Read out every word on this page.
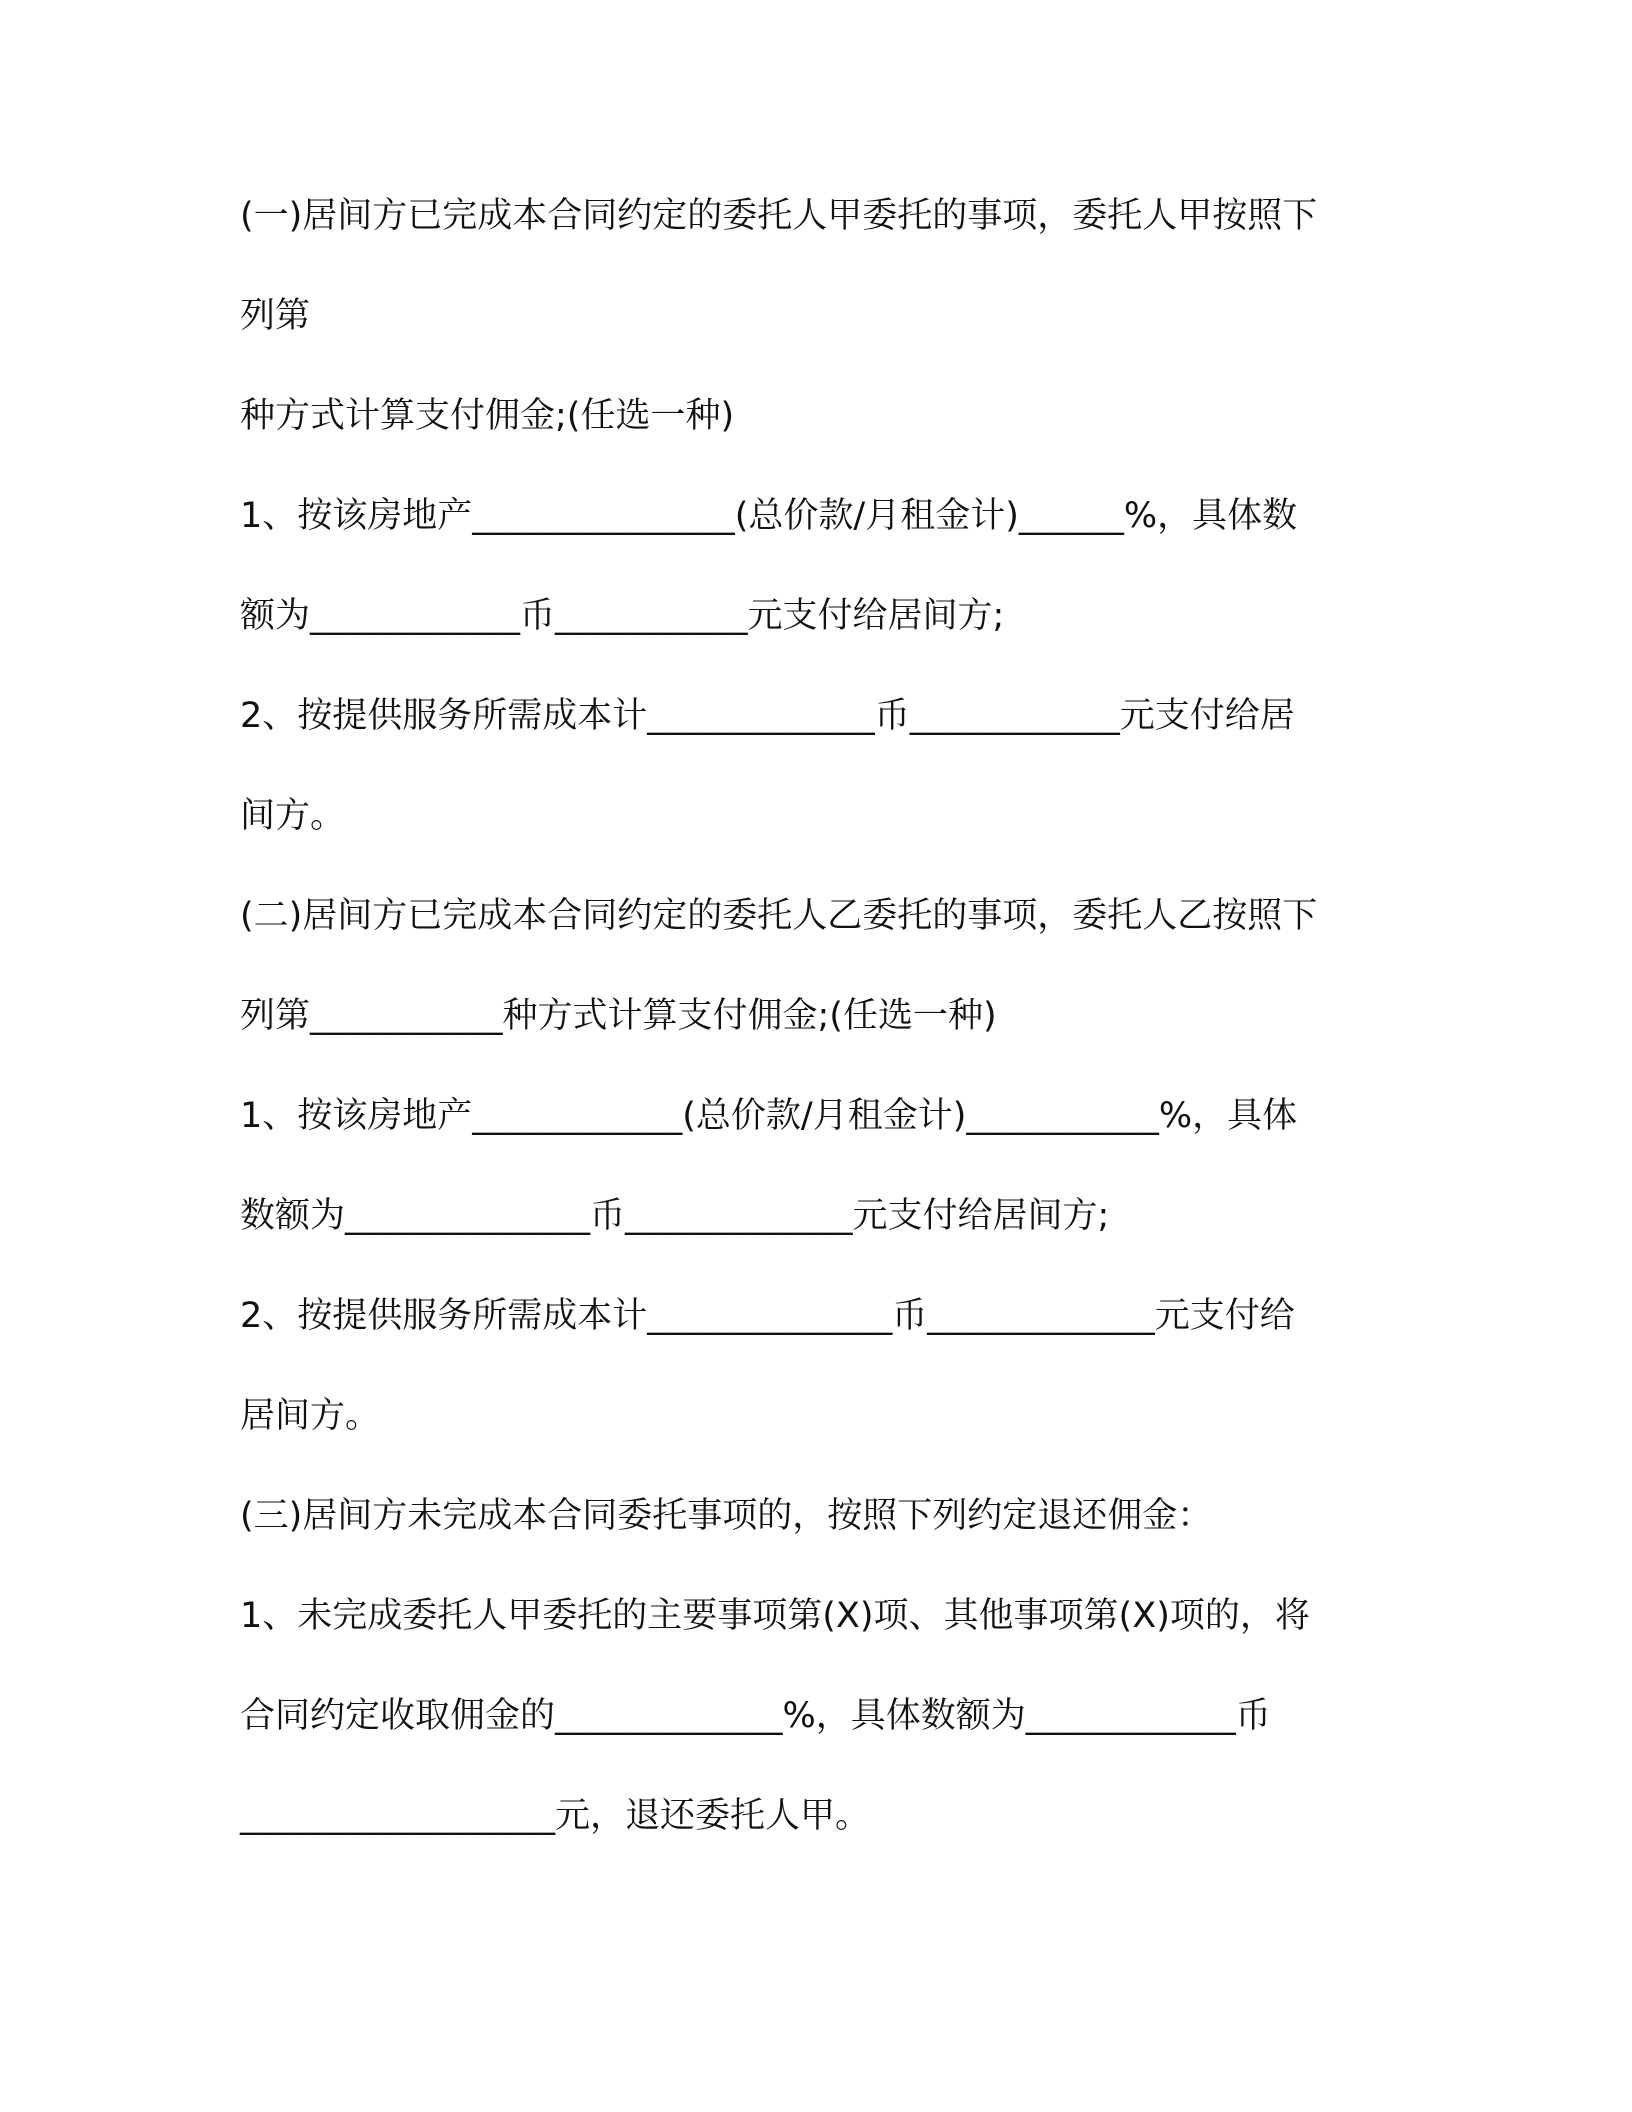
(一)居间方已完成本合同约定的委托人甲委托的事项，委托人甲按照下

列第

种方式计算支付佣金;(任选一种)

1、按该房地产_______________(总价款/月租金计)______%，具体数

额为____________币___________元支付给居间方;

2、按提供服务所需成本计_____________币____________元支付给居

间方。

(二)居间方已完成本合同约定的委托人乙委托的事项，委托人乙按照下

列第___________种方式计算支付佣金;(任选一种)

1、按该房地产____________(总价款/月租金计)___________%，具体

数额为______________币_____________元支付给居间方;

2、按提供服务所需成本计______________币_____________元支付给

居间方。

(三)居间方未完成本合同委托事项的，按照下列约定退还佣金：

1、未完成委托人甲委托的主要事项第(X)项、其他事项第(X)项的，将

合同约定收取佣金的_____________%，具体数额为____________币

__________________元，退还委托人甲。
